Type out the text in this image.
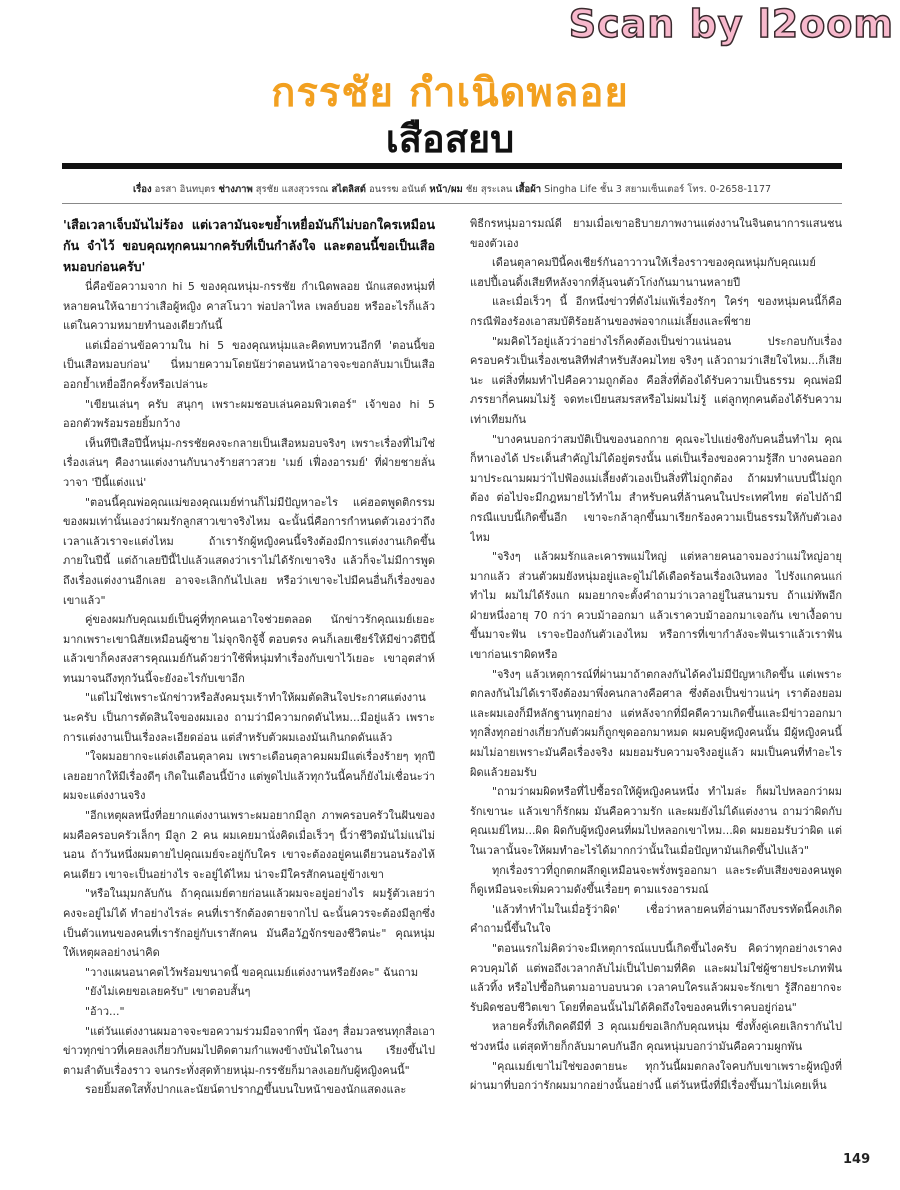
Scan by l2oom
กรรชัย กำเนิดพลอย
เสือสยบ
เรื่อง อรสา อินทบุตร ช่างภาพ สุรชัย แสงสุวรรณ สไตลิสต์ อนรรฆ อนันต์ หน้า/ผม ชัย สุระเลน เสื้อผ้า Singha Life ชั้น 3 สยามเซ็นเตอร์ โทร. 0-2658-1177

'เสือเวลาเจ็บมันไม่ร้อง แต่เวลามันจะขย้ำเหยื่อมันก็ไม่บอกใครเหมือนกัน จำไว้ ขอบคุณทุกคนมากครับที่เป็นกำลังใจ และตอนนี้ขอเป็นเสือหมอบก่อนครับ'

นี่คือข้อความจาก hi 5 ของคุณหนุ่ม-กรรชัย กำเนิดพลอย นักแสดงหนุ่มที่หลายคนให้ฉายาว่าเสือผู้หญิง คาสโนวา พ่อปลาไหล เพลย์บอย หรืออะไรก็แล้วแต่ในความหมายทำนองเดียวกันนี้

แต่เมื่ออ่านข้อความใน hi 5 ของคุณหนุ่มและคิดทบทวนอีกที 'ตอนนี้ขอเป็นเสือหมอบก่อน' นี่หมายความโดยนัยว่าตอนหน้าอาจจะขอกลับมาเป็นเสือออกย้ำเหยื่ออีกครั้งหรือเปล่านะ

"เขียนเล่นๆ ครับ สนุกๆ เพราะผมชอบเล่นคอมพิวเตอร์" เจ้าของ hi 5 ออกตัวพร้อมรอยยิ้มกว้าง

เห็นทีปีเสือปีนี้หนุ่ม-กรรชัยคงจะกลายเป็นเสือหมอบจริงๆ เพราะเรื่องที่ไม่ใช่เรื่องเล่นๆ คืองานแต่งงานกับนางร้ายสาวสวย 'เมย์ เฟื่องอารมย์' ที่ฝ่ายชายลั่นวาจา 'ปีนี้แต่งแน่'

"ตอนนี้คุณพ่อคุณแม่ของคุณเมย์ท่านก็ไม่มีปัญหาอะไร แค่ฮอตพูดติกรรมของผมเท่านั้นเองว่าผมรักลูกสาวเขาจริงไหม ฉะนั้นนี่คือการกำหนดตัวเองว่าถึงเวลาแล้วเราจะแต่งไหม ถ้าเรารักผู้หญิงคนนี้จริงต้องมีการแต่งงานเกิดขึ้นภายในปีนี้ แต่ถ้าเลยปีนี้ไปแล้วแสดงว่าเราไม่ได้รักเขาจริง แล้วก็จะไม่มีการพูดถึงเรื่องแต่งงานอีกเลย อาจจะเลิกกันไปเลย หรือว่าเขาจะไปมีคนอื่นก็เรื่องของเขาแล้ว"

คู่ของผมกับคุณเมย์เป็นคู่ที่ทุกคนเอาใจช่วยตลอด นักข่าวรักคุณเมย์เยอะมากเพราะเขานิสัยเหมือนผู้ชาย ไม่จุกจิกจู้จี้ ตอบตรง คนก็เลยเชียร์ให้มีข่าวดีปีนี้ แล้วเขาก็คงสงสารคุณเมย์กันด้วยว่าใช้พี่หนุ่มทำเรื่องกับเขาไว้เยอะ เขาอุตส่าห์ทนมาจนถึงทุกวันนี้จะยังอะไรกับเขาอีก

"แต่ไม่ใช่เพราะนักข่าวหรือสังคมรุมเร้าทำให้ผมตัดสินใจประกาศแต่งงานนะครับ เป็นการตัดสินใจของผมเอง ถามว่ามีความกดดันไหม...มีอยู่แล้ว เพราะการแต่งงานเป็นเรื่องละเอียดอ่อน แต่สำหรับตัวผมเองมันเกินกดดันแล้ว

"ใจผมอยากจะแต่งเดือนตุลาคม เพราะเดือนตุลาคมผมมีแต่เรื่องร้ายๆ ทุกปี เลยอยากให้มีเรื่องดีๆ เกิดในเดือนนี้บ้าง แต่พูดไปแล้วทุกวันนี้คนก็ยังไม่เชื่อนะว่าผมจะแต่งงานจริง

"อีกเหตุผลหนึ่งที่อยากแต่งงานเพราะผมอยากมีลูก ภาพครอบครัวในฝันของผมคือครอบครัวเล็กๆ มีลูก 2 คน ผมเคยมานั่งคิดเมื่อเร็วๆ นี้ว่าชีวิตมันไม่แน่ไม่นอน ถ้าวันหนึ่งผมตายไปคุณเมย์จะอยู่กับใคร เขาจะต้องอยู่คนเดียวนอนร้องไห้คนเดียว เขาจะเป็นอย่างไร จะอยู่ได้ไหม น่าจะมีใครสักคนอยู่ข้างเขา

"หรือในมุมกลับกัน ถ้าคุณเมย์ตายก่อนแล้วผมจะอยู่อย่างไร ผมรู้ตัวเลยว่าคงจะอยู่ไม่ได้ ทำอย่างไรล่ะ คนที่เรารักต้องตายจากไป ฉะนั้นควรจะต้องมีลูกซึ่งเป็นตัวแทนของคนที่เรารักอยู่กับเราสักคน มันคือวัฏจักรของชีวิตน่ะ" คุณหนุ่มให้เหตุผลอย่างน่าคิด

"วางแผนอนาคตไว้พร้อมขนาดนี้ ขอคุณเมย์แต่งงานหรือยังคะ" ฉันถาม

"ยังไม่เคยขอเลยครับ" เขาตอบสั้นๆ

"อ้าว..."

"แต่วันแต่งงานผมอาจจะขอความร่วมมือจากพี่ๆ น้องๆ สื่อมวลชนทุกสื่อเอาข่าวทุกข่าวที่เคยลงเกี่ยวกับผมไปติดตามกำแพงข้างบันไดในงาน เรียงขึ้นไปตามลำดับเรื่องราว จนกระทั่งสุดท้ายหนุ่ม-กรรชัยก็มาลงเอยกับผู้หญิงคนนี้"

รอยยิ้มสดใสทั้งปากและนัยน์ตาปรากฏขึ้นบนใบหน้าของนักแสดงและ

พิธีกรหนุ่มอารมณ์ดี ยามเมื่อเขาอธิบายภาพงานแต่งงานในจินตนาการแสนชนของตัวเอง

เดือนตุลาคมปีนี้คงเชียร์กันอาวาวนให้เรื่องราวของคุณหนุ่มกับคุณเมย์แฮปปี้เอนดิ้งเสียทีหลังจากที่ลุ้นจนตัวโก่งกันมานานหลายปี

และเมื่อเร็วๆ นี้ อีกหนึ่งข่าวที่ดังไม่แพ้เรื่องรักๆ ใคร่ๆ ของหนุ่มคนนี้ก็คือกรณีฟ้องร้องเอาสมบัติร้อยล้านของพ่อจากแม่เลี้ยงและพี่ชาย

"ผมคิดไว้อยู่แล้วว่าอย่างไรก็คงต้องเป็นข่าวแน่นอน ประกอบกับเรื่องครอบครัวเป็นเรื่องเซนสิทีฟสำหรับสังคมไทย จริงๆ แล้วถามว่าเสียใจไหม...ก็เสียนะ แต่สิ่งที่ผมทำไปคือความถูกต้อง คือสิ่งที่ต้องได้รับความเป็นธรรม คุณพ่อมีภรรยากี่คนผมไม่รู้ จดทะเบียนสมรสหรือไม่ผมไม่รู้ แต่ลูกทุกคนต้องได้รับความเท่าเทียมกัน

"บางคนบอกว่าสมบัติเป็นของนอกกาย คุณจะไปแย่งชิงกับคนอื่นทำไม คุณก็หาเองได้ ประเด็นสำคัญไม่ได้อยู่ตรงนั้น แต่เป็นเรื่องของความรู้สึก บางคนออกมาประณามผมว่าไปฟ้องแม่เลี้ยงตัวเองเป็นสิ่งที่ไม่ถูกต้อง ถ้าผมทำแบบนี้ไม่ถูกต้อง ต่อไปจะมีกฎหมายไว้ทำไม สำหรับคนที่ล้านคนในประเทศไทย ต่อไปถ้ามีกรณีแบบนี้เกิดขึ้นอีก เขาจะกล้าลุกขึ้นมาเรียกร้องความเป็นธรรมให้กับตัวเองไหม

"จริงๆ แล้วผมรักและเคารพแม่ใหญ่ แต่หลายคนอาจมองว่าแม่ใหญ่อายุมากแล้ว ส่วนตัวผมยังหนุ่มอยู่และดูไม่ได้เดือดร้อนเรื่องเงินทอง ไปรังแกคนแก่ทำไม ผมไม่ได้รังแก ผมอยากจะตั้งคำถามว่าเวลาอยู่ในสนามรบ ถ้าแม่ทัพอีกฝ่ายหนึ่งอายุ 70 กว่า ควบม้าออกมา แล้วเราควบม้าออกมาเจอกัน เขาเงื้อดาบขึ้นมาจะฟัน เราจะป้องกันตัวเองไหม หรือการที่เขากำลังจะฟันเราแล้วเราฟันเขาก่อนเราผิดหรือ

"จริงๆ แล้วเหตุการณ์ที่ผ่านมาถ้าตกลงกันได้คงไม่มีปัญหาเกิดขึ้น แต่เพราะตกลงกันไม่ได้เราจึงต้องมาพึ่งคนกลางคือศาล ซึ่งต้องเป็นข่าวแน่ๆ เราต้องยอม และผมเองก็มีหลักฐานทุกอย่าง แต่หลังจากที่มีคดีความเกิดขึ้นและมีข่าวออกมา ทุกสิ่งทุกอย่างเกี่ยวกับตัวผมก็ถูกขุดออกมาหมด ผมคบผู้หญิงคนนั้น มีผู้หญิงคนนี้ ผมไม่อายเพราะมันคือเรื่องจริง ผมยอมรับความจริงอยู่แล้ว ผมเป็นคนที่ทำอะไรผิดแล้วยอมรับ

"ถามว่าผมผิดหรือที่ไปซื้อรถให้ผู้หญิงคนหนึ่ง ทำไมล่ะ ก็ผมไปหลอกว่าผมรักเขานะ แล้วเขาก็รักผม มันคือความรัก และผมยังไม่ได้แต่งงาน ถามว่าผิดกับคุณเมย์ไหม...ผิด ผิดกับผู้หญิงคนที่ผมไปหลอกเขาไหม...ผิด ผมยอมรับว่าผิด แต่ในเวลานั้นจะให้ผมทำอะไรได้มากกว่านั้นในเมื่อปัญหามันเกิดขึ้นไปแล้ว"

ทุกเรื่องราวที่ถูกตกผลึกดูเหมือนจะพรั่งพรูออกมา และระดับเสียงของคนพูดก็ดูเหมือนจะเพิ่มความดังขึ้นเรื่อยๆ ตามแรงอารมณ์

'แล้วทำทำไมในเมื่อรู้ว่าผิด' เชื่อว่าหลายคนที่อ่านมาถึงบรรทัดนี้คงเกิดคำถามนี้ขึ้นในใจ

"ตอนแรกไม่คิดว่าจะมีเหตุการณ์แบบนี้เกิดขึ้นไงครับ คิดว่าทุกอย่างเราคงควบคุมได้ แต่พอถึงเวลากลับไม่เป็นไปตามที่คิด และผมไม่ใช่ผู้ชายประเภทฟันแล้วทิ้ง หรือไปซื้อกินตามอาบอบนวด เวลาคบใครแล้วผมจะรักเขา รู้สึกอยากจะรับผิดชอบชีวิตเขา โดยที่ตอนนั้นไม่ได้คิดถึงใจของคนที่เราคบอยู่ก่อน"

หลายครั้งที่เกิดคดีมีที่ 3 คุณเมย์ขอเลิกกับคุณหนุ่ม ซึ่งทั้งคู่เคยเลิกรากันไปช่วงหนึ่ง แต่สุดท้ายก็กลับมาคบกันอีก คุณหนุ่มบอกว่ามันคือความผูกพัน

"คุณเมย์เขาไม่ใช่ของตายนะ ทุกวันนี้ผมตกลงใจคบกับเขาเพราะผู้หญิงที่ผ่านมาที่บอกว่ารักผมมากอย่างนั้นอย่างนี้ แต่วันหนึ่งที่มีเรื่องขึ้นมาไม่เคยเห็น

149
